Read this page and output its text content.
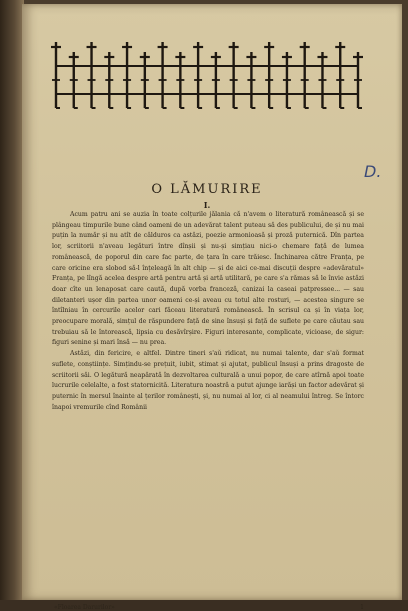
D.
O LĂMURIRE
I.

Acum patru ani se auzia în toate colțurile jălania că n'avem o literatură românească și se plângeau timpurile bune când oameni de un adevărat talent puteau să des publicului, de și nu mai puțin la număr și nu atît de călduros ca astăzi, poezie armonioasă și proză puternică. Dîn partea lor, scriitorii n'aveau legături între dînșii și nu-și simțiau nici-o chemare față de lumea românească, de poporul din care fac parte, de țara în care trăiesc. Închinarea către Franța, pe care oricine era slobod să-l înțeleagă în alt chip — și de aici ce-mai discuții despre «adevăratul» Franța, pe lîngă aceleа despre artă pentru artă și artă utilitară, pe care s'a rămas să le învie astăzi doar cîte un lenaposat care caută, după vorba franceză, canizai la caseai patpressee... — sau diletanteri ușor din partea unor oameni ce-și aveau cu totul alte rosturi, — acestea singure se întîlniau în cercurile acelor cari făceau literatură românească. În scrisul ca și în viața lor, preocupare morală, simțul de răspundere față de sine însuși și față de suflete pe care căutau sau trebuiau să le întorească, lipsia cu desăvîrșire. Figuri interesante, complicate, vicioase, de sigur: figuri senine și mari însă — nu prea.

Astăzi, din fericire, e altfel. Dintre tineri s'aŭ ridicat, nu numai talente, dar s'aŭ format suflete, conștiințe. Simțindu-se prețuit, iubit, stimat și ajutat, publicul însuși a prins dragoste de scriitorii săi. O legătură neapărată în dezvoltarea culturală a unui popor, de care atîrnă apoi toate lucrurile celelalte, a fost statornicită. Literatura noastră a putut ajunge iarăși un factor adevărat și puternic în mersul înainte al țerilor românești, și, nu numai al lor, ci al neamului întreg. Se întorc înapoi vremurile cînd Românii

«Floarea Darurilor»	1
